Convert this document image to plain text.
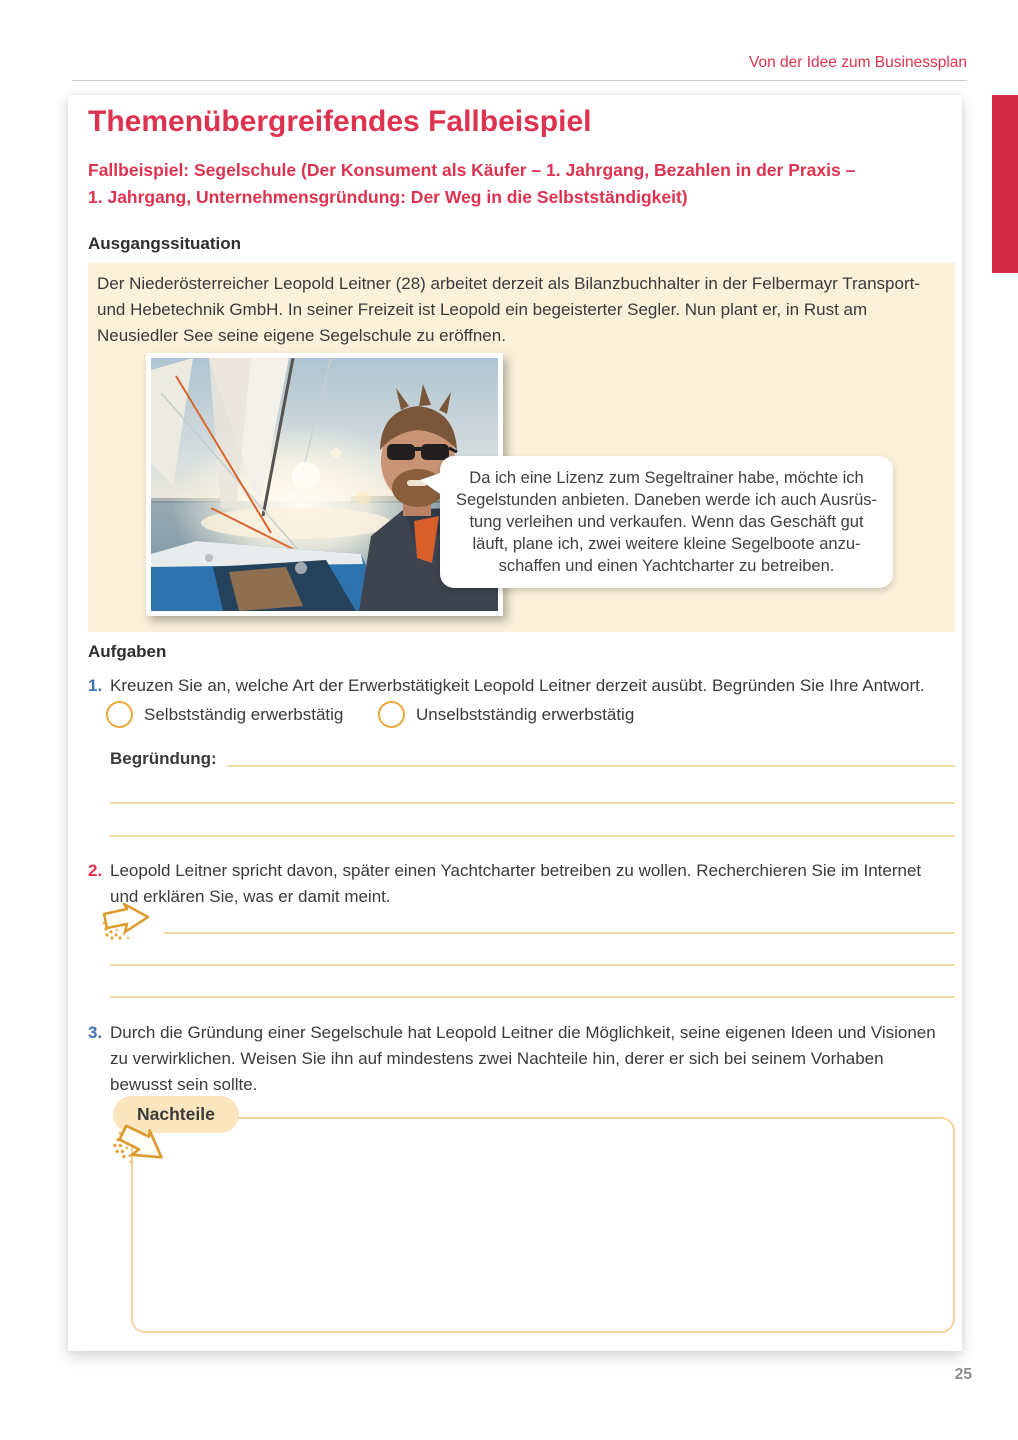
Von der Idee zum Businessplan
Themenübergreifendes Fallbeispiel
Fallbeispiel: Segelschule (Der Konsument als Käufer – 1. Jahrgang, Bezahlen in der Praxis –
1. Jahrgang, Unternehmensgründung: Der Weg in die Selbstständigkeit)
Ausgangssituation

Der Niederösterreicher Leopold Leitner (28) arbeitet derzeit als Bilanzbuchhalter in der Felbermayr Transport- und Hebetechnik GmbH. In seiner Freizeit ist Leopold ein begeisterter Segler. Nun plant er, in Rust am Neusiedler See seine eigene Segelschule zu eröffnen.

Da ich eine Lizenz zum Segeltrainer habe, möchte ich
Segelstunden anbieten. Daneben werde ich auch Ausrüs-
tung verleihen und verkaufen. Wenn das Geschäft gut
läuft, plane ich, zwei weitere kleine Segelboote anzu-
schaffen und einen Yachtcharter zu betreiben.
Aufgaben
1. Kreuzen Sie an, welche Art der Erwerbstätigkeit Leopold Leitner derzeit ausübt. Begründen Sie Ihre Antwort.
Selbstständig erwerbstätig	Unselbstständig erwerbstätig
Begründung:
2. Leopold Leitner spricht davon, später einen Yachtcharter betreiben zu wollen. Recherchieren Sie im Internet und erklären Sie, was er damit meint.
3. Durch die Gründung einer Segelschule hat Leopold Leitner die Möglichkeit, seine eigenen Ideen und Visionen zu verwirklichen. Weisen Sie ihn auf mindestens zwei Nachteile hin, derer er sich bei seinem Vorhaben bewusst sein sollte.
Nachteile
25
